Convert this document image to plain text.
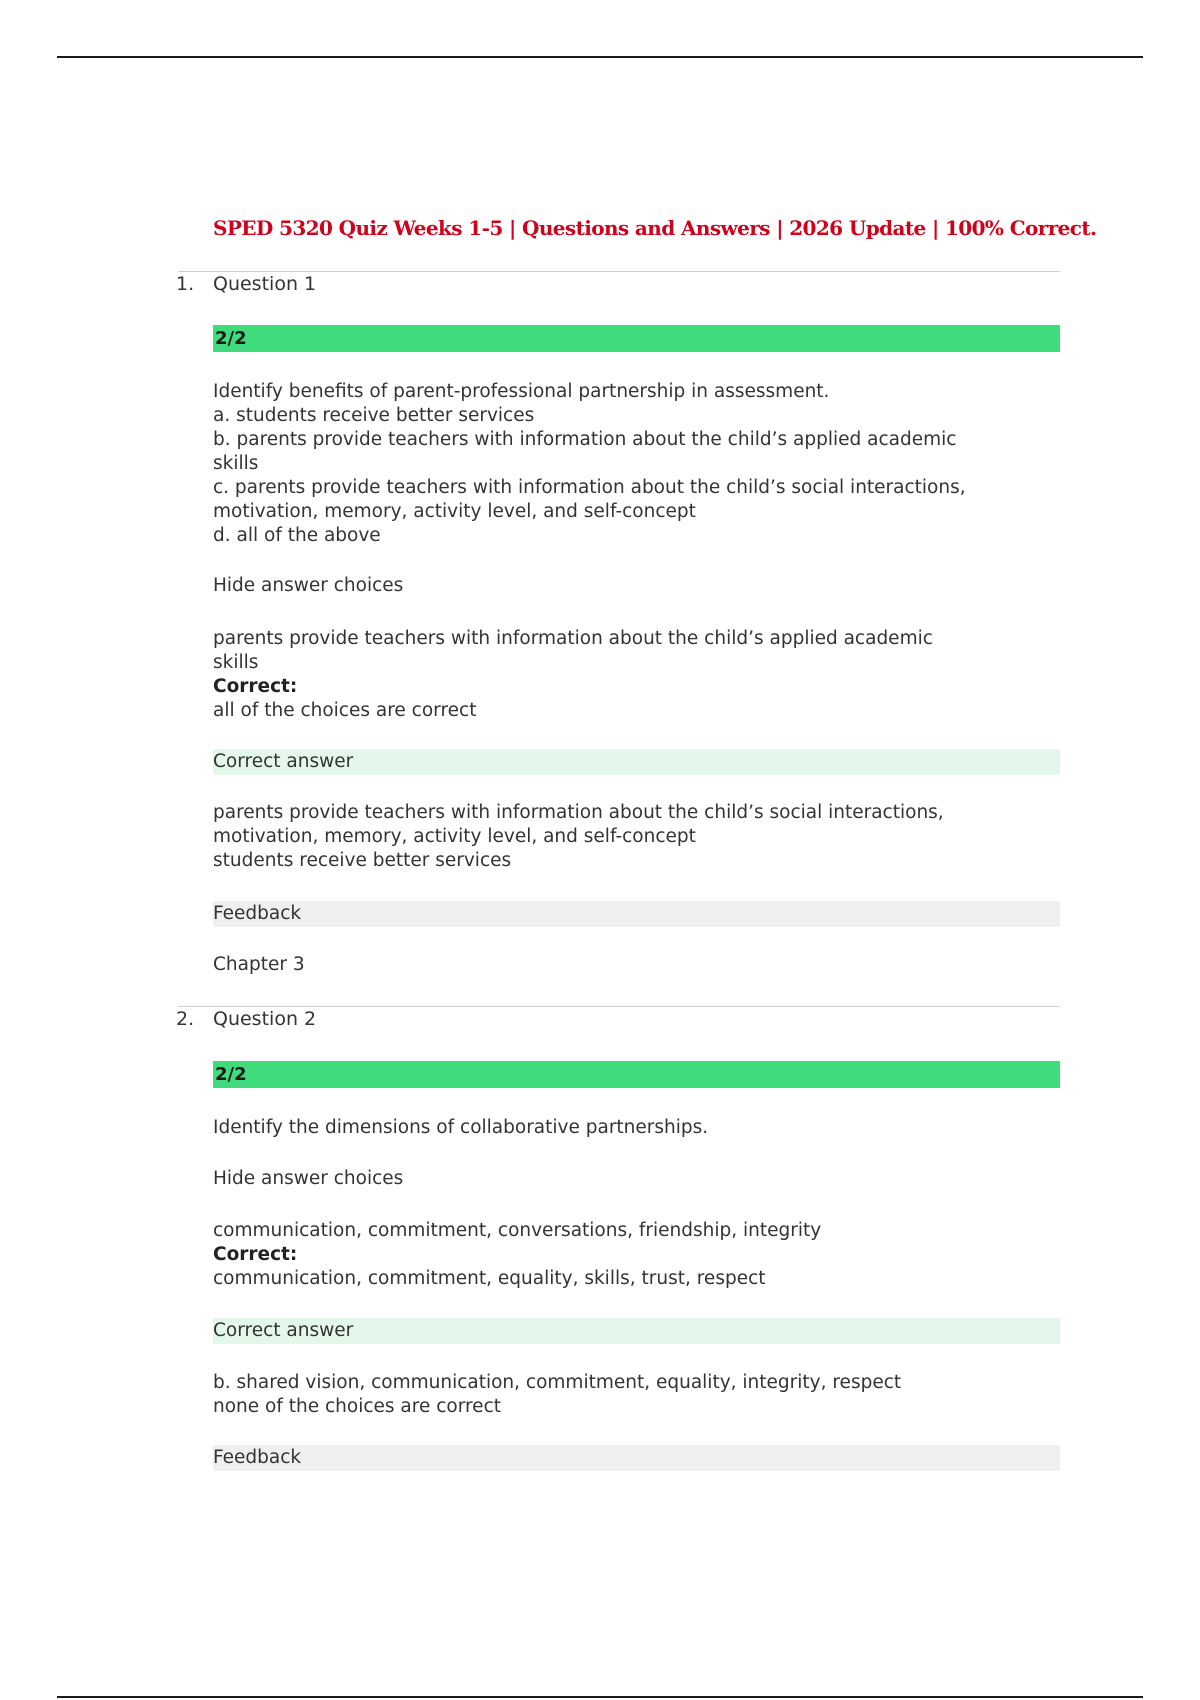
SPED 5320 Quiz Weeks 1-5 | Questions and Answers | 2026 Update | 100% Correct.
1. Question 1
2/2
Identify benefits of parent-professional partnership in assessment.
a. students receive better services
b. parents provide teachers with information about the child’s applied academic
skills
c. parents provide teachers with information about the child’s social interactions,
motivation, memory, activity level, and self-concept
d. all of the above
Hide answer choices
parents provide teachers with information about the child’s applied academic
skills
Correct:
all of the choices are correct
Correct answer
parents provide teachers with information about the child’s social interactions,
motivation, memory, activity level, and self-concept
students receive better services
Feedback
Chapter 3
2. Question 2
2/2
Identify the dimensions of collaborative partnerships.
Hide answer choices
communication, commitment, conversations, friendship, integrity
Correct:
communication, commitment, equality, skills, trust, respect
Correct answer
b. shared vision, communication, commitment, equality, integrity, respect
none of the choices are correct
Feedback
